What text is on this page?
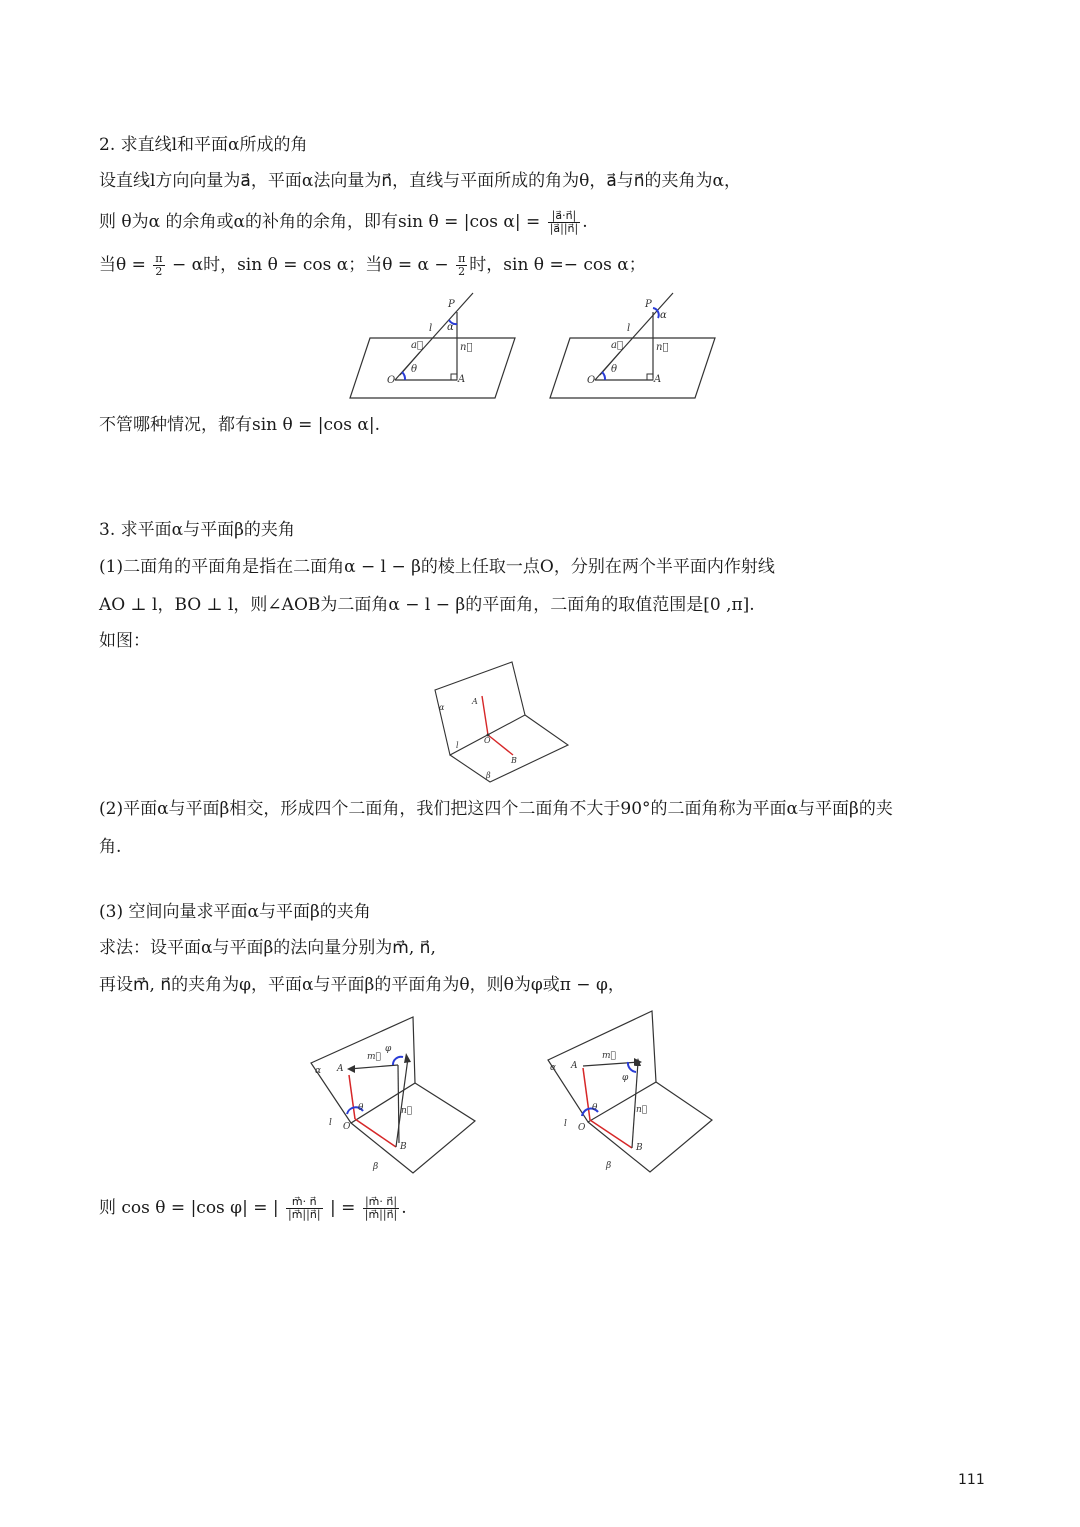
2. 求直线l和平面α所成的角
设直线l方向向量为a⃗，平面α法向量为n⃗，直线与平面所成的角为θ，a⃗与n⃗的夹角为α，
则 θ为α 的余角或α的补角的余角，即有sin θ = |cos $\alpha| = \frac{|a⃗\cdot n⃗|}{|a⃗||n⃗|}$ .
当$\theta = \frac{\pi}{2} - \alpha$时，sin θ = cos α；当$\theta = \alpha - \frac{\pi}{2}$ 时，sin θ =− cos α；
P
l α
a⃗	n⃗
O
θ
A
P
l
α
a⃗	n⃗
O
θ
A
不管哪种情况，都有sin θ = |cos α|.
3. 求平面α与平面β的夹角
(1)二面角的平面角是指在二面角α − l − β的棱上任取一点O，分别在两个半平面内作射线
AO ⊥ l，BO ⊥ l，则∠AOB为二面角α − l − β的平面角，二面角的取值范围是[0 ,π].
如图：
α
A
l
O
B
β
(2)平面α与平面β相交，形成四个二面角，我们把这四个二面角不大于90°的二面角称为平面α与平面β的夹
角.
(3) 空间向量求平面α与平面β的夹角
求法：设平面α与平面β的法向量分别为m⃗, n⃗,
再设m⃗, n⃗的夹角为φ，平面α与平面β的平面角为θ，则θ为φ或π − φ，
α A
m⃗
φ
θ
l O
n⃗
B
β
α A
m⃗
φ
θ
l O
n⃗
B
β
则 cos θ = |cos φ| = | $\frac{m⃗\cdot n⃗}{|m⃗||n⃗|}$ | = $\frac{|m⃗\cdot n⃗|}{|m⃗||n⃗|}$ .
111
